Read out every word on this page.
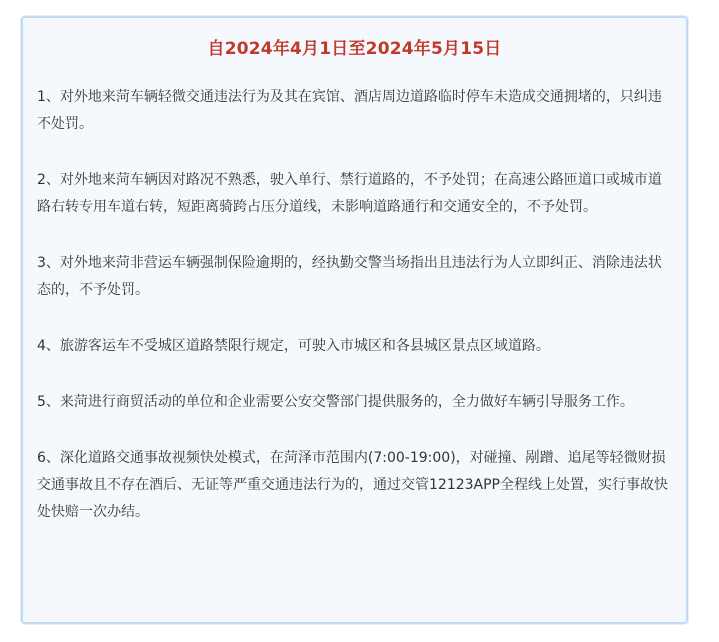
自2024年4月1日至2024年5月15日

1、对外地来菏车辆轻微交通违法行为及其在宾馆、酒店周边道路临时停车未造成交通拥堵的，只纠违不处罚。

2、对外地来菏车辆因对路况不熟悉，驶入单行、禁行道路的，不予处罚；在高速公路匝道口或城市道路右转专用车道右转，短距离骑跨占压分道线，未影响道路通行和交通安全的，不予处罚。

3、对外地来菏非营运车辆强制保险逾期的，经执勤交警当场指出且违法行为人立即纠正、消除违法状态的，不予处罚。

4、旅游客运车不受城区道路禁限行规定，可驶入市城区和各县城区景点区域道路。

5、来菏进行商贸活动的单位和企业需要公安交警部门提供服务的，全力做好车辆引导服务工作。

6、深化道路交通事故视频快处模式，在菏泽市范围内(7:00-19:00)，对碰撞、剐蹭、追尾等轻微财损交通事故且不存在酒后、无证等严重交通违法行为的，通过交管12123APP全程线上处置，实行事故快处快赔一次办结。
